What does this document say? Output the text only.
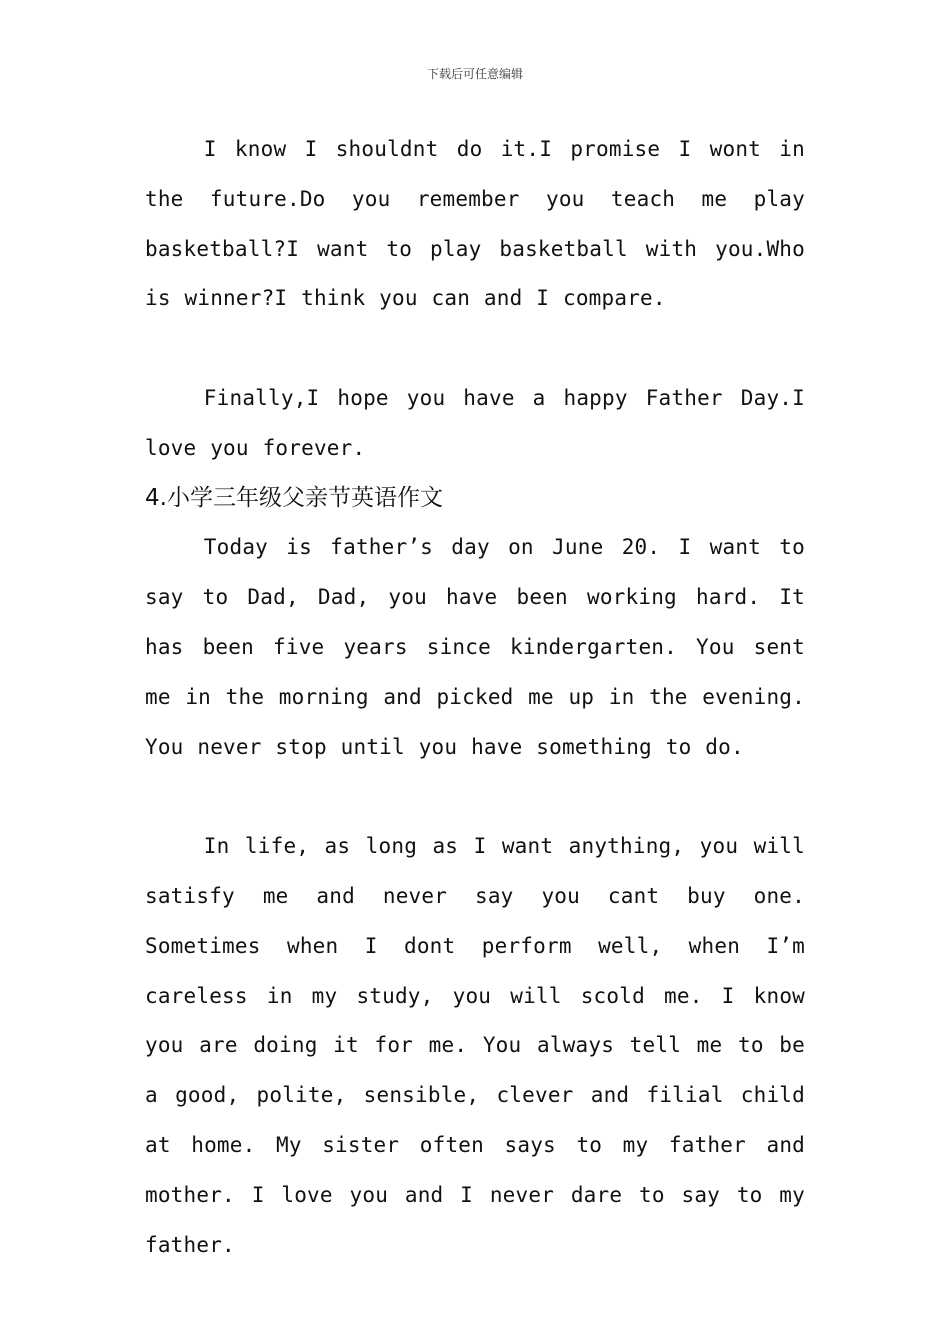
下载后可任意编辑

I know I shouldnt do it.I promise I wont in the future.Do you remember you teach me play basketball?I want to play basketball with you.Who is winner?I think you can and I compare.

Finally,I hope you have a happy Father Day.I love you forever.

4.小学三年级父亲节英语作文

Today is father’s day on June 20. I want to say to Dad, Dad, you have been working hard. It has been five years since kindergarten. You sent me in the morning and picked me up in the evening. You never stop until you have something to do.

In life, as long as I want anything, you will satisfy me and never say you cant buy one. Sometimes when I dont perform well, when I’m careless in my study, you will scold me. I know you are doing it for me. You always tell me to be a good, polite, sensible, clever and filial child at home. My sister often says to my father and mother. I love you and I never dare to say to my father.
